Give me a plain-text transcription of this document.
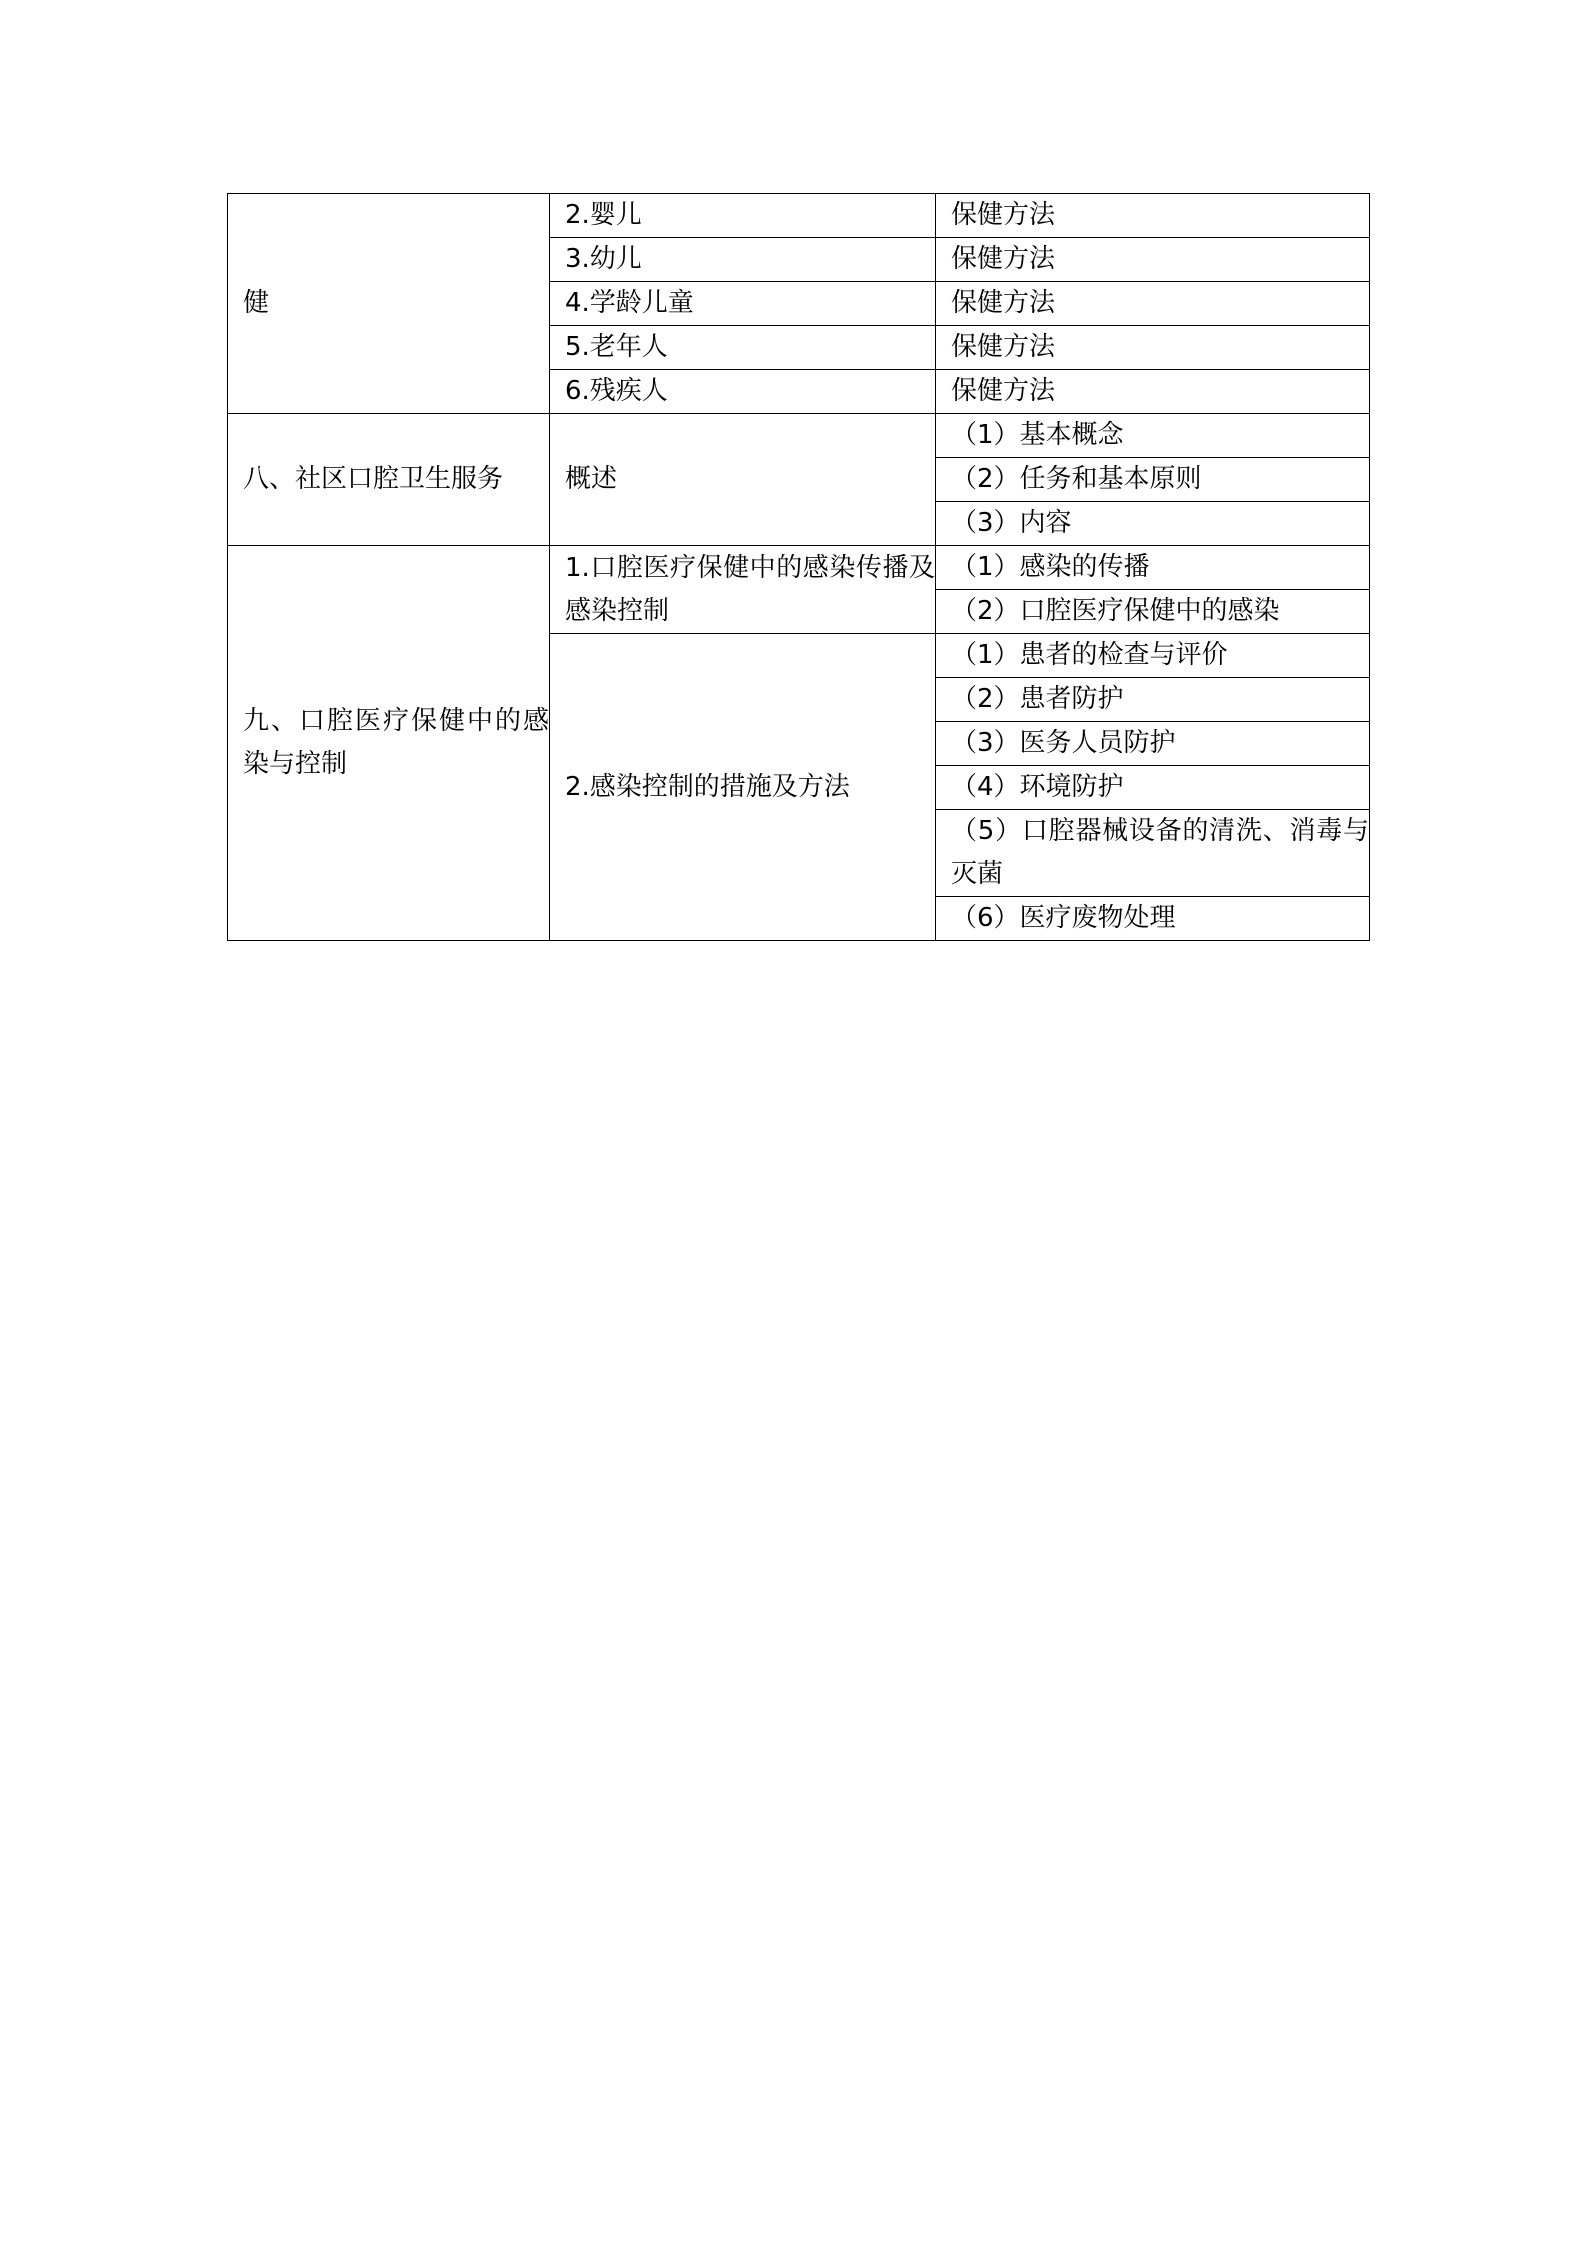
健	2.婴儿	保健方法
	3.幼儿	保健方法
	4.学龄儿童	保健方法
	5.老年人	保健方法
	6.残疾人	保健方法
八、社区口腔卫生服务	概述	（1）基本概念
		（2）任务和基本原则
		（3）内容
九、口腔医疗保健中的感染与控制	1.口腔医疗保健中的感染传播及感染控制	（1）感染的传播
		（2）口腔医疗保健中的感染
	2.感染控制的措施及方法	（1）患者的检查与评价
		（2）患者防护
		（3）医务人员防护
		（4）环境防护
		（5）口腔器械设备的清洗、消毒与灭菌

		（6）医疗废物处理
